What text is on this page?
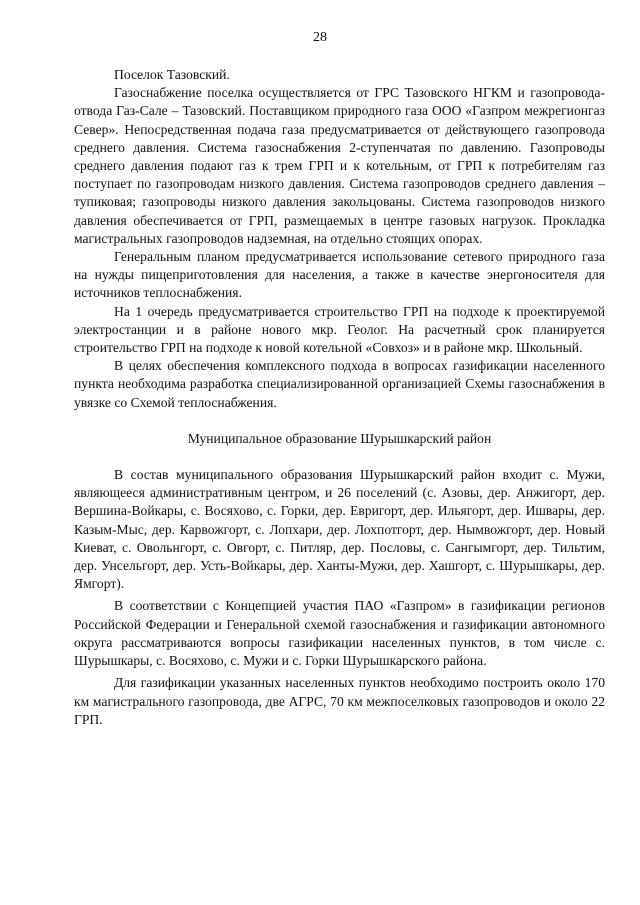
28

Поселок Тазовский.

Газоснабжение поселка осуществляется от ГРС Тазовского НГКМ и газопровода-отвода Газ-Сале – Тазовский. Поставщиком природного газа ООО «Газпром межрегионгаз Север». Непосредственная подача газа предусматривается от действующего газопровода среднего давления. Система газоснабжения 2-ступенчатая по давлению. Газопроводы среднего давления подают газ к трем ГРП и к котельным, от ГРП к потребителям газ поступает по газопроводам низкого давления. Система газопроводов среднего давления – тупиковая; газопроводы низкого давления закольцованы. Система газопроводов низкого давления обеспечивается от ГРП, размещаемых в центре газовых нагрузок. Прокладка магистральных газопроводов надземная, на отдельно стоящих опорах.

Генеральным планом предусматривается использование сетевого природного газа на нужды пищеприготовления для населения, а также в качестве энергоносителя для источников теплоснабжения.

На 1 очередь предусматривается строительство ГРП на подходе к проектируемой электростанции и в районе нового мкр. Геолог. На расчетный срок планируется строительство ГРП на подходе к новой котельной «Совхоз» и в районе мкр. Школьный.

В целях обеспечения комплексного подхода в вопросах газификации населенного пункта необходима разработка специализированной организацией Схемы газоснабжения в увязке со Схемой теплоснабжения.

Муниципальное образование Шурышкарский район

В состав муниципального образования Шурышкарский район входит с. Мужи, являющееся административным центром, и 26 поселений (с. Азовы, дер. Анжигорт, дер. Вершина-Войкары, с. Восяхово, с. Горки, дер. Евригорт, дер. Ильягорт, дер. Ишвары, дер. Казым-Мыс, дер. Карвожгорт, с. Лопхари, дер. Лохпотгорт, дер. Нымвожгорт, дер. Новый Киеват, с. Овольнгорт, с. Овгорт, с. Питляр, дер. Пословы, с. Сангымгорт, дер. Тильтим, дер. Унсельгорт, дер. Усть-Войкары, дер. Ханты-Мужи, дер. Хашгорт, с. Шурышкары, дер. Ямгорт).

В соответствии с Концепцией участия ПАО «Газпром» в газификации регионов Российской Федерации и Генеральной схемой газоснабжения и газификации автономного округа рассматриваются вопросы газификации населенных пунктов, в том числе с. Шурышкары, с. Восяхово, с. Мужи и с. Горки Шурышкарского района.

Для газификации указанных населенных пунктов необходимо построить около 170 км магистрального газопровода, две АГРС, 70 км межпоселковых газопроводов и около 22 ГРП.
